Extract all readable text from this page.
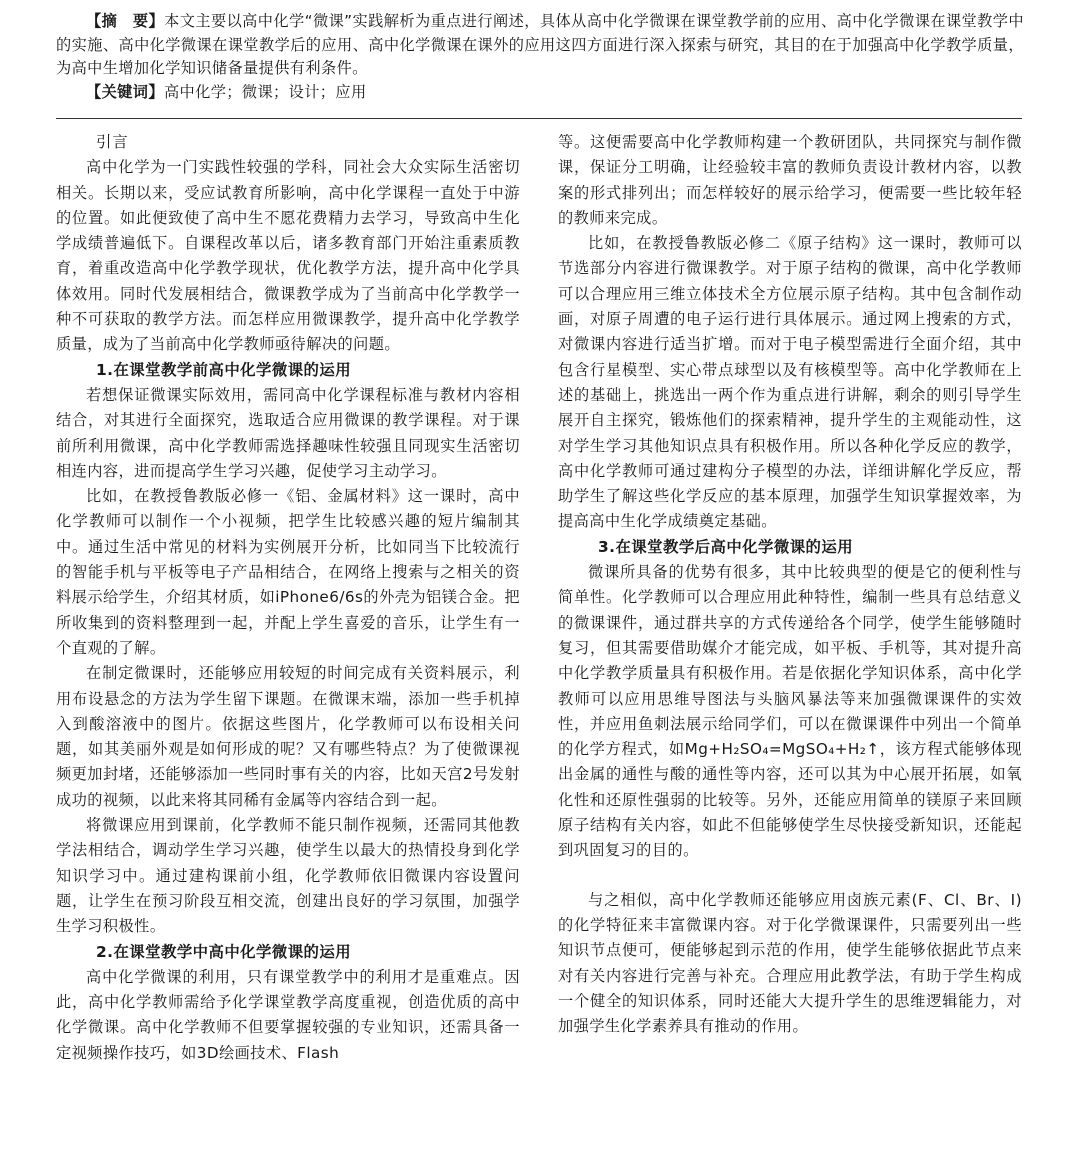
【摘　要】本文主要以高中化学“微课”实践解析为重点进行阐述，具体从高中化学微课在课堂教学前的应用、高中化学微课在课堂教学中的实施、高中化学微课在课堂教学后的应用、高中化学微课在课外的应用这四方面进行深入探索与研究，其目的在于加强高中化学教学质量，为高中生增加化学知识储备量提供有利条件。

【关键词】高中化学；微课；设计；应用

引言

高中化学为一门实践性较强的学科，同社会大众实际生活密切相关。长期以来，受应试教育所影响，高中化学课程一直处于中游的位置。如此便致使了高中生不愿花费精力去学习，导致高中生化学成绩普遍低下。自课程改革以后，诸多教育部门开始注重素质教育，着重改造高中化学教学现状，优化教学方法，提升高中化学具体效用。同时代发展相结合，微课教学成为了当前高中化学教学一种不可获取的教学方法。而怎样应用微课教学，提升高中化学教学质量，成为了当前高中化学教师亟待解决的问题。

1.在课堂教学前高中化学微课的运用

若想保证微课实际效用，需同高中化学课程标准与教材内容相结合，对其进行全面探究，选取适合应用微课的教学课程。对于课前所利用微课，高中化学教师需选择趣味性较强且同现实生活密切相连内容，进而提高学生学习兴趣，促使学习主动学习。

比如，在教授鲁教版必修一《铝、金属材料》这一课时，高中化学教师可以制作一个小视频，把学生比较感兴趣的短片编制其中。通过生活中常见的材料为实例展开分析，比如同当下比较流行的智能手机与平板等电子产品相结合，在网络上搜索与之相关的资料展示给学生，介绍其材质，如iPhone6/6s的外壳为铝镁合金。把所收集到的资料整理到一起，并配上学生喜爱的音乐，让学生有一个直观的了解。

在制定微课时，还能够应用较短的时间完成有关资料展示，利用布设悬念的方法为学生留下课题。在微课末端，添加一些手机掉入到酸溶液中的图片。依据这些图片，化学教师可以布设相关问题，如其美丽外观是如何形成的呢？又有哪些特点？为了使微课视频更加封堵，还能够添加一些同时事有关的内容，比如天宫2号发射成功的视频，以此来将其同稀有金属等内容结合到一起。

将微课应用到课前，化学教师不能只制作视频，还需同其他教学法相结合，调动学生学习兴趣，使学生以最大的热情投身到化学知识学习中。通过建构课前小组，化学教师依旧微课内容设置问题，让学生在预习阶段互相交流，创建出良好的学习氛围，加强学生学习积极性。

2.在课堂教学中高中化学微课的运用

高中化学微课的利用，只有课堂教学中的利用才是重难点。因此，高中化学教师需给予化学课堂教学高度重视，创造优质的高中化学微课。高中化学教师不但要掌握较强的专业知识，还需具备一定视频操作技巧，如3D绘画技术、Flash

等。这便需要高中化学教师构建一个教研团队，共同探究与制作微课，保证分工明确，让经验较丰富的教师负责设计教材内容，以教案的形式排列出；而怎样较好的展示给学习，便需要一些比较年轻的教师来完成。

比如，在教授鲁教版必修二《原子结构》这一课时，教师可以节选部分内容进行微课教学。对于原子结构的微课，高中化学教师可以合理应用三维立体技术全方位展示原子结构。其中包含制作动画，对原子周遭的电子运行进行具体展示。通过网上搜索的方式，对微课内容进行适当扩增。而对于电子模型需进行全面介绍，其中包含行星模型、实心带点球型以及有核模型等。高中化学教师在上述的基础上，挑选出一两个作为重点进行讲解，剩余的则引导学生展开自主探究，锻炼他们的探索精神，提升学生的主观能动性，这对学生学习其他知识点具有积极作用。所以各种化学反应的教学，高中化学教师可通过建构分子模型的办法，详细讲解化学反应，帮助学生了解这些化学反应的基本原理，加强学生知识掌握效率，为提高高中生化学成绩奠定基础。

3.在课堂教学后高中化学微课的运用

微课所具备的优势有很多，其中比较典型的便是它的便利性与简单性。化学教师可以合理应用此种特性，编制一些具有总结意义的微课课件，通过群共享的方式传递给各个同学，使学生能够随时复习，但其需要借助媒介才能完成，如平板、手机等，其对提升高中化学教学质量具有积极作用。若是依据化学知识体系，高中化学教师可以应用思维导图法与头脑风暴法等来加强微课课件的实效性，并应用鱼刺法展示给同学们，可以在微课课件中列出一个简单的化学方程式，如Mg+H₂SO₄=MgSO₄+H₂↑，该方程式能够体现出金属的通性与酸的通性等内容，还可以其为中心展开拓展，如氧化性和还原性强弱的比较等。另外，还能应用简单的镁原子来回顾原子结构有关内容，如此不但能够使学生尽快接受新知识，还能起到巩固复习的目的。

与之相似，高中化学教师还能够应用卤族元素(F、Cl、Br、I)的化学特征来丰富微课内容。对于化学微课课件，只需要列出一些知识节点便可，便能够起到示范的作用，使学生能够依据此节点来对有关内容进行完善与补充。合理应用此教学法，有助于学生构成一个健全的知识体系，同时还能大大提升学生的思维逻辑能力，对加强学生化学素养具有推动的作用。
